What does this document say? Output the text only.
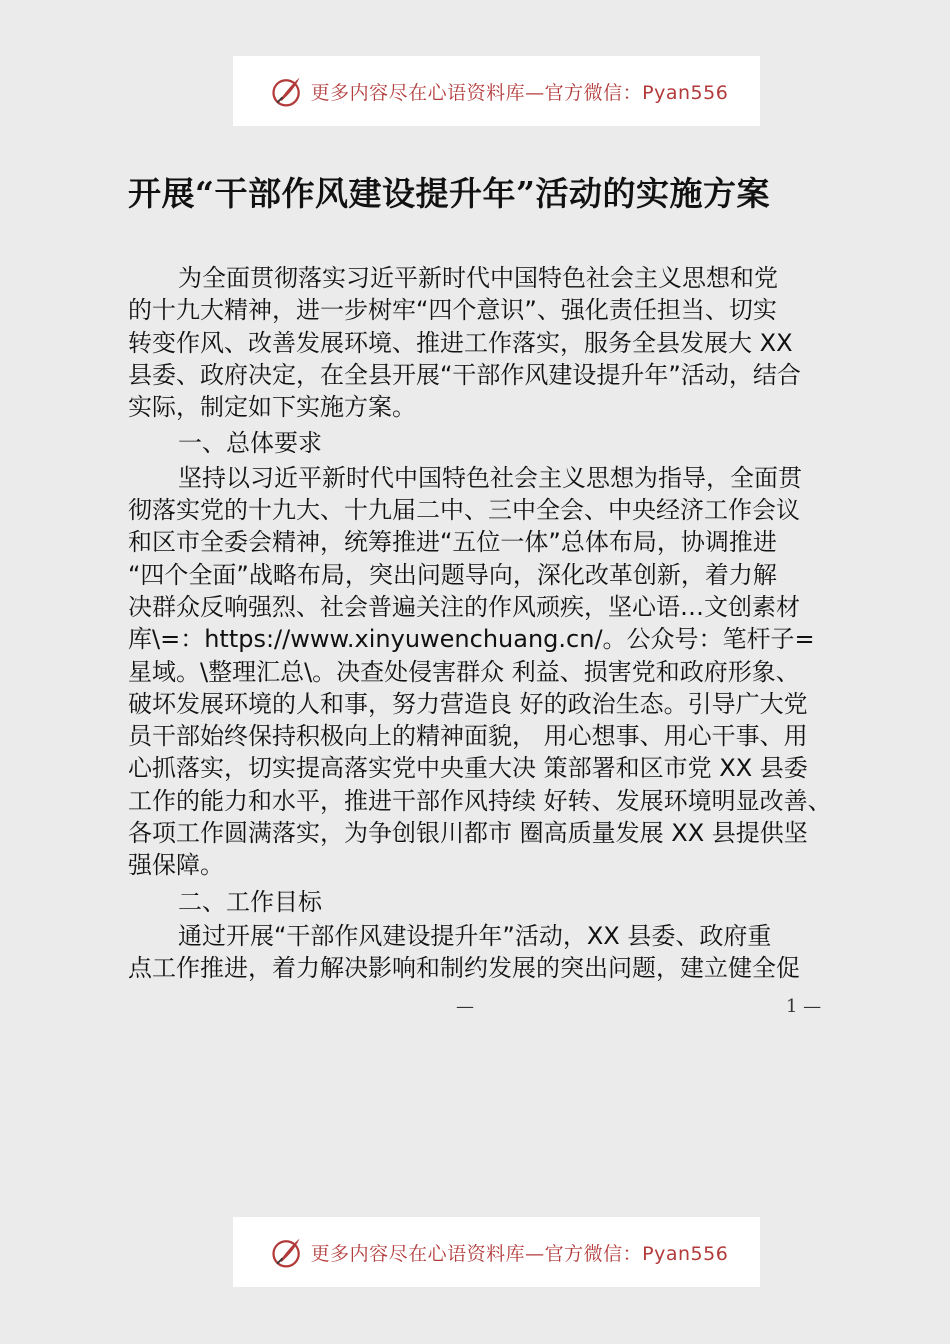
更多内容尽在心语资料库—官方微信：Pyan556
开展“干部作风建设提升年”活动的实施方案
为全面贯彻落实习近平新时代中国特色社会主义思想和党
的十九大精神，进一步树牢“四个意识”、强化责任担当、切实
转变作风、改善发展环境、推进工作落实，服务全县发展大 XX
县委、政府决定，在全县开展“干部作风建设提升年”活动，结合
实际，制定如下实施方案。
一、总体要求
坚持以习近平新时代中国特色社会主义思想为指导，全面贯
彻落实党的十九大、十九届二中、三中全会、中央经济工作会议
和区市全委会精神，统筹推进“五位一体”总体布局，协调推进
“四个全面”战略布局，突出问题导向，深化改革创新，着力解
决群众反响强烈、社会普遍关注的作风顽疾，坚心语…文创素材
库\=：https://www.xinyuwenchuang.cn/。公众号：笔杆子=
星域。\整理汇总\。决查处侵害群众 利益、损害党和政府形象、
破坏发展环境的人和事，努力营造良 好的政治生态。引导广大党
员干部始终保持积极向上的精神面貌， 用心想事、用心干事、用
心抓落实，切实提高落实党中央重大决 策部署和区市党 XX 县委
工作的能力和水平，推进干部作风持续 好转、发展环境明显改善、
各项工作圆满落实，为争创银川都市 圈高质量发展 XX 县提供坚
强保障。
二、工作目标
通过开展“干部作风建设提升年”活动，XX 县委、政府重
点工作推进，着力解决影响和制约发展的突出问题，建立健全促
—	1 —
更多内容尽在心语资料库—官方微信：Pyan556
